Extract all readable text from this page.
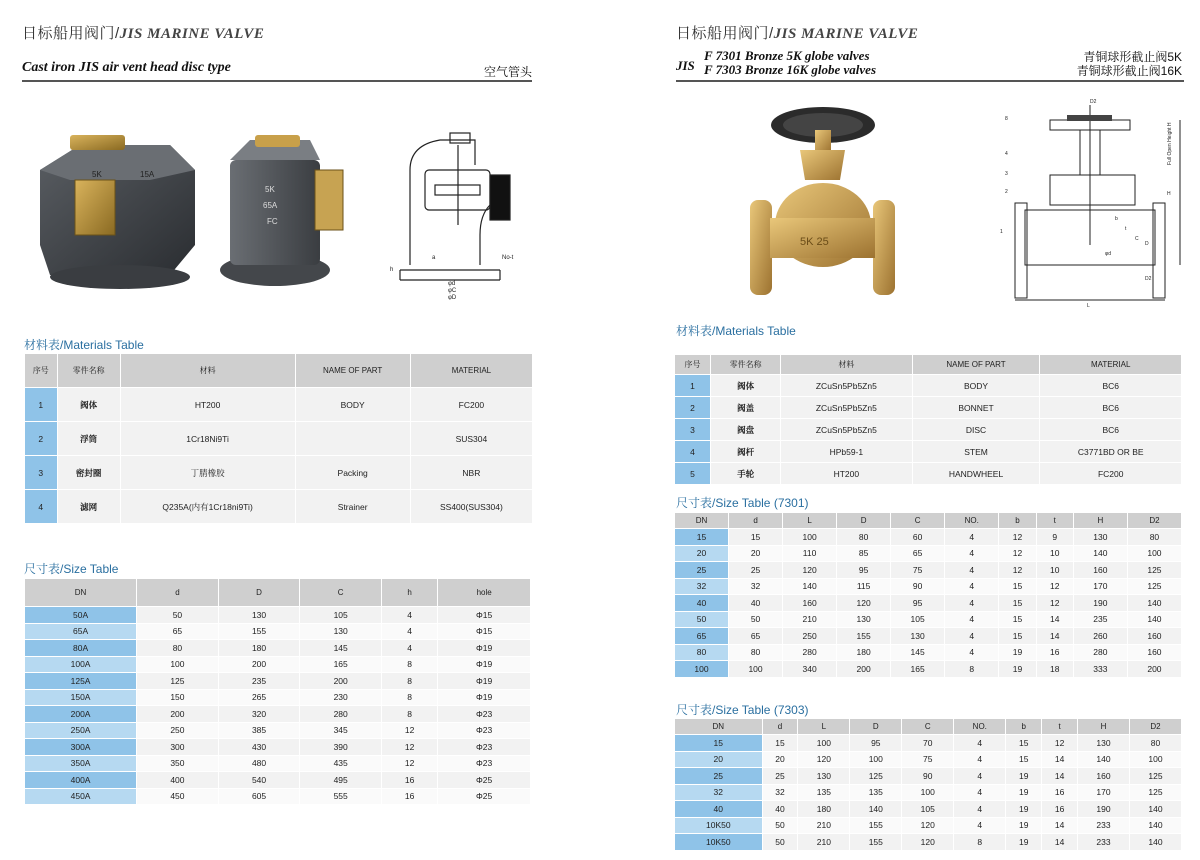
日标船用阀门/JIS MARINE VALVE
Cast iron JIS air vent head disc type	空气管头
5K	15A
5K
65A
FC
h
φd
φC
φD
a	No-t
材料表/Materials Table
序号	零件名称	材料	NAME OF PART	MATERIAL
1	阀体	HT200	BODY	FC200
2	浮筒	1Cr18Ni9Ti		SUS304
3	密封圈	丁腈橡胶	Packing	NBR
4	滤网	Q235A(内有1Cr18ni9Ti)	Strainer	SS400(SUS304)
尺寸表/Size Table
DN	d	D	C	h	hole
50A	50	130	105	4	Φ15
65A	65	155	130	4	Φ15
80A	80	180	145	4	Φ19
100A	100	200	165	8	Φ19
125A	125	235	200	8	Φ19
150A	150	265	230	8	Φ19
200A	200	320	280	8	Φ23
250A	250	385	345	12	Φ23
300A	300	430	390	12	Φ23
350A	350	480	435	12	Φ23
400A	400	540	495	16	Φ25
450A	450	605	555	16	Φ25
日标船用阀门/JIS MARINE VALVE
JIS
F 7301 Bronze 5K globe valves
F 7303 Bronze 16K globe valves
青铜球形截止阀5K
青铜球形截止阀16K
5K 25
D2
8
4
3
2
1
L
H
D
C
D2
b
t
φd
Full Open Height H
材料表/Materials Table
序号	零件名称	材料	NAME OF PART	MATERIAL
1	阀体	ZCuSn5Pb5Zn5	BODY	BC6
2	阀盖	ZCuSn5Pb5Zn5	BONNET	BC6
3	阀盘	ZCuSn5Pb5Zn5	DISC	BC6
4	阀杆	HPb59-1	STEM	C3771BD OR BE
5	手轮	HT200	HANDWHEEL	FC200
尺寸表/Size Table (7301)
DN	d	L	D	C	NO.	b	t	H	D2
15	15	100	80	60	4	12	9	130	80
20	20	110	85	65	4	12	10	140	100
25	25	120	95	75	4	12	10	160	125
32	32	140	115	90	4	15	12	170	125
40	40	160	120	95	4	15	12	190	140
50	50	210	130	105	4	15	14	235	140
65	65	250	155	130	4	15	14	260	160
80	80	280	180	145	4	19	16	280	160
100	100	340	200	165	8	19	18	333	200
尺寸表/Size Table (7303)
DN	d	L	D	C	NO.	b	t	H	D2
15	15	100	95	70	4	15	12	130	80
20	20	120	100	75	4	15	14	140	100
25	25	130	125	90	4	19	14	160	125
32	32	135	135	100	4	19	16	170	125
40	40	180	140	105	4	19	16	190	140
10K50	50	210	155	120	4	19	14	233	140
10K50	50	210	155	120	8	19	14	233	140
